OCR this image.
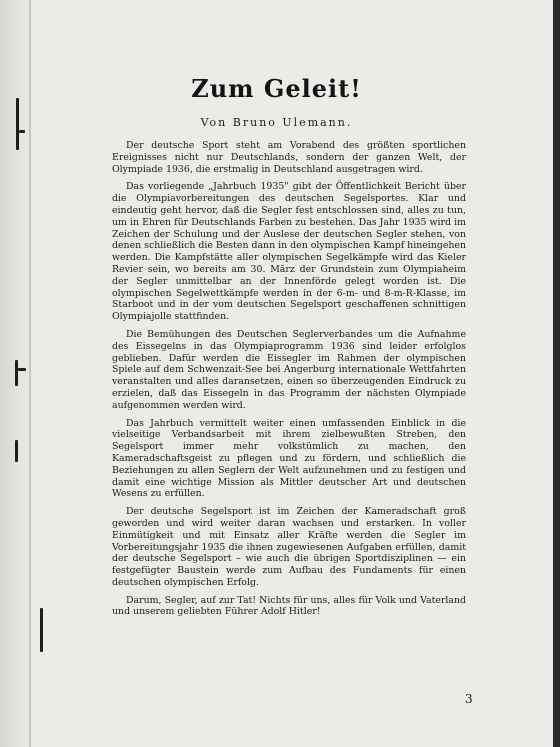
Zum Geleit!
Von Bruno Ulemann.

Der deutsche Sport steht am Vorabend des größten sportlichen Ereignisses nicht nur Deutschlands, sondern der ganzen Welt, der Olympiade 1936, die erstmalig in Deutschland ausgetragen wird.

Das vorliegende „Jahrbuch 1935" gibt der Öffentlichkeit Bericht über die Olympiavorbereitungen des deutschen Segelsportes. Klar und eindeutig geht hervor, daß die Segler fest entschlossen sind, alles zu tun, um in Ehren für Deutschlands Farben zu bestehen. Das Jahr 1935 wird im Zeichen der Schulung und der Auslese der deutschen Segler stehen, von denen schließlich die Besten dann in den olympischen Kampf hineingehen werden. Die Kampfstätte aller olympischen Segelkämpfe wird das Kieler Revier sein, wo bereits am 30. März der Grundstein zum Olympiaheim der Segler unmittelbar an der Innenförde gelegt worden ist. Die olympischen Segelwettkämpfe werden in der 6-m- und 8-m-R-Klasse, im Starboot und in der vom deutschen Segelsport geschaffenen schnittigen Olympiajolle stattfinden.

Die Bemühungen des Deutschen Seglerverbandes um die Aufnahme des Eissegelns in das Olympiaprogramm 1936 sind leider erfolglos geblieben. Dafür werden die Eissegler im Rahmen der olympischen Spiele auf dem Schwenzait-See bei Angerburg internationale Wettfahrten veranstalten und alles daransetzen, einen so überzeugenden Eindruck zu erzielen, daß das Eissegeln in das Programm der nächsten Olympiade aufgenommen werden wird.

Das Jahrbuch vermittelt weiter einen umfassenden Einblick in die vielseitige Verbandsarbeit mit ihrem zielbewußten Streben, den Segelsport immer mehr volkstümlich zu machen, den Kameradschaftsgeist zu pflegen und zu fördern, und schließlich die Beziehungen zu allen Seglern der Welt aufzunehmen und zu festigen und damit eine wichtige Mission als Mittler deutscher Art und deutschen Wesens zu erfüllen.

Der deutsche Segelsport ist im Zeichen der Kameradschaft groß geworden und wird weiter daran wachsen und erstarken. In voller Einmütigkeit und mit Einsatz aller Kräfte werden die Segler im Vorbereitungsjahr 1935 die ihnen zugewiesenen Aufgaben erfüllen, damit der deutsche Segelsport – wie auch die übrigen Sportdisziplinen — ein festgefügter Baustein werde zum Aufbau des Fundaments für einen deutschen olympischen Erfolg.

Darum, Segler, auf zur Tat! Nichts für uns, alles für Volk und Vaterland und unserem geliebten Führer Adolf Hitler!

3
